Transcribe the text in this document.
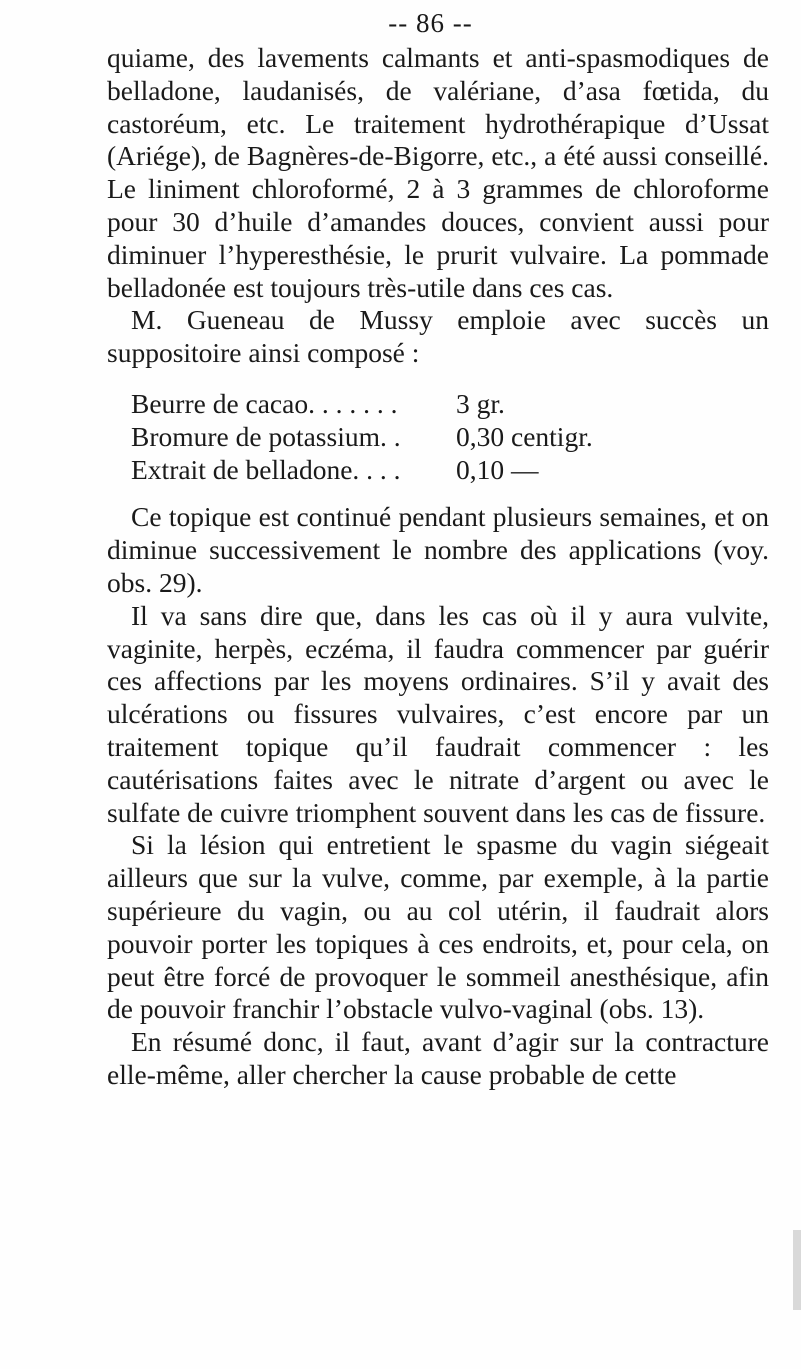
-- 86 --

quiame, des lavements calmants et anti-spasmodiques de belladone, laudanisés, de valériane, d’asa fœtida, du castoréum, etc. Le traitement hydrothérapique d’Ussat (Ariége), de Bagnères-de-Bigorre, etc., a été aussi conseillé. Le liniment chloroformé, 2 à 3 grammes de chloroforme pour 30 d’huile d’amandes douces, convient aussi pour diminuer l’hyperesthésie, le prurit vulvaire. La pommade belladonée est toujours très-utile dans ces cas.

M. Gueneau de Mussy emploie avec succès un suppositoire ainsi composé :

Beurre de cacao. . . . . . .	3 gr.
Bromure de potassium. .	0,30 centigr.
Extrait de belladone. . . .	0,10 —

Ce topique est continué pendant plusieurs semaines, et on diminue successivement le nombre des applications (voy. obs. 29).

Il va sans dire que, dans les cas où il y aura vulvite, vaginite, herpès, eczéma, il faudra commencer par guérir ces affections par les moyens ordinaires. S’il y avait des ulcérations ou fissures vulvaires, c’est encore par un traitement topique qu’il faudrait commencer : les cautérisations faites avec le nitrate d’argent ou avec le sulfate de cuivre triomphent souvent dans les cas de fissure.

Si la lésion qui entretient le spasme du vagin siégeait ailleurs que sur la vulve, comme, par exemple, à la partie supérieure du vagin, ou au col utérin, il faudrait alors pouvoir porter les topiques à ces endroits, et, pour cela, on peut être forcé de provoquer le sommeil anesthésique, afin de pouvoir franchir l’obstacle vulvo-vaginal (obs. 13).

En résumé donc, il faut, avant d’agir sur la contracture elle-même, aller chercher la cause probable de cette
